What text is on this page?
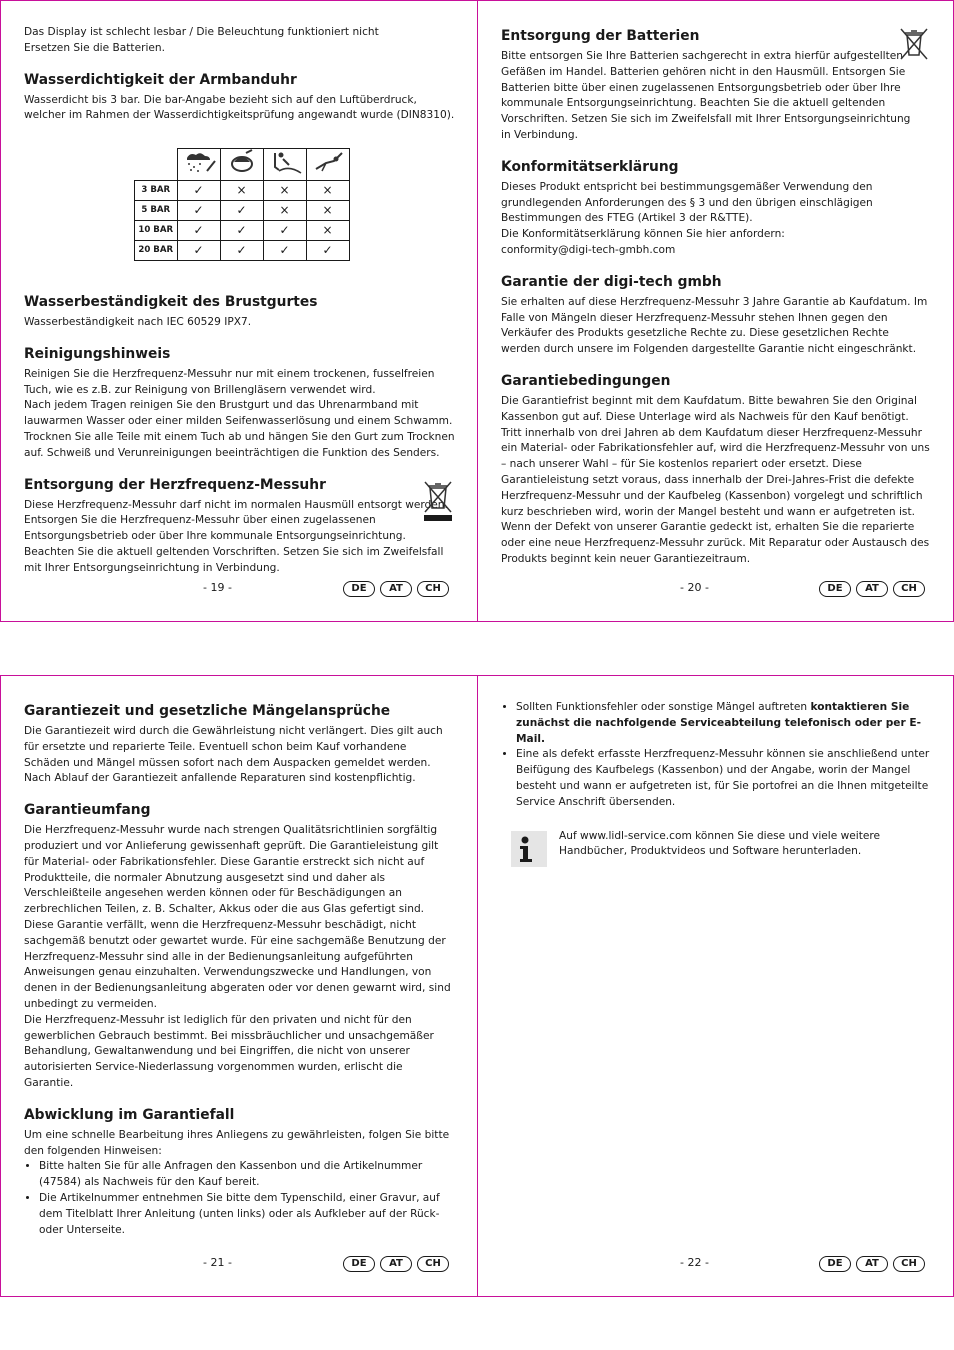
Das Display ist schlecht lesbar / Die Beleuchtung funktioniert nicht

Ersetzen Sie die Batterien.

Wasserdichtigkeit der Armbanduhr

Wasserdicht bis 3 bar. Die bar-Angabe bezieht sich auf den Luftüberdruck, welcher im Rahmen der Wasserdichtigkeitsprüfung angewandt wurde (DIN8310).

3 BAR	✓	×	×	×
5 BAR	✓	✓	×	×
10 BAR	✓	✓	✓	×
20 BAR	✓	✓	✓	✓
Wasserbeständigkeit des Brustgurtes

Wasserbeständigkeit nach IEC 60529 IPX7.

Reinigungshinweis

Reinigen Sie die Herzfrequenz-Messuhr nur mit einem trockenen, fusselfreien Tuch, wie es z.B. zur Reinigung von Brillengläsern verwendet wird.

Nach jedem Tragen reinigen Sie den Brustgurt und das Uhrenarmband mit lauwarmen Wasser oder einer milden Seifenwasserlösung und einem Schwamm. Trocknen Sie alle Teile mit einem Tuch ab und hängen Sie den Gurt zum Trocknen auf. Schweiß und Verunreinigungen beeinträchtigen die Funktion des Senders.

Entsorgung der Herzfrequenz-Messuhr

Diese Herzfrequenz-Messuhr darf nicht im normalen Hausmüll entsorgt werden. Entsorgen Sie die Herzfrequenz-Messuhr über einen zugelassenen Entsorgungsbetrieb oder über Ihre kommunale Entsorgungseinrichtung. Beachten Sie die aktuell geltenden Vorschriften. Setzen Sie sich im Zweifelsfall mit Ihrer Entsorgungseinrichtung in Verbindung.

- 19 -	DE	AT	CH
Entsorgung der Batterien

Bitte entsorgen Sie Ihre Batterien sachgerecht in extra hierfür aufgestellten Gefäßen im Handel. Batterien gehören nicht in den Hausmüll. Entsorgen Sie Batterien bitte über einen zugelassenen Entsorgungsbetrieb oder über Ihre kommunale Entsorgungseinrichtung. Beachten Sie die aktuell geltenden Vorschriften. Setzen Sie sich im Zweifelsfall mit Ihrer Entsorgungseinrichtung in Verbindung.

Konformitätserklärung

Dieses Produkt entspricht bei bestimmungsgemäßer Verwendung den grundlegenden Anforderungen des § 3 und den übrigen einschlägigen Bestimmungen des FTEG (Artikel 3 der R&TTE).

Die Konformitätserklärung können Sie hier anfordern:

conformity@digi-tech-gmbh.com

Garantie der digi-tech gmbh

Sie erhalten auf diese Herzfrequenz-Messuhr 3 Jahre Garantie ab Kaufdatum. Im Falle von Mängeln dieser Herzfrequenz-Messuhr stehen Ihnen gegen den Verkäufer des Produkts gesetzliche Rechte zu. Diese gesetzlichen Rechte werden durch unsere im Folgenden dargestellte Garantie nicht eingeschränkt.

Garantiebedingungen

Die Garantiefrist beginnt mit dem Kaufdatum. Bitte bewahren Sie den Original Kassenbon gut auf. Diese Unterlage wird als Nachweis für den Kauf benötigt. Tritt innerhalb von drei Jahren ab dem Kaufdatum dieser Herzfrequenz-Messuhr ein Material- oder Fabrikationsfehler auf, wird die Herzfrequenz-Messuhr von uns – nach unserer Wahl – für Sie kostenlos repariert oder ersetzt. Diese Garantieleistung setzt voraus, dass innerhalb der Drei-Jahres-Frist die defekte Herzfrequenz-Messuhr und der Kaufbeleg (Kassenbon) vorgelegt und schriftlich kurz beschrieben wird, worin der Mangel besteht und wann er aufgetreten ist. Wenn der Defekt von unserer Garantie gedeckt ist, erhalten Sie die reparierte oder eine neue Herzfrequenz-Messuhr zurück. Mit Reparatur oder Austausch des Produkts beginnt kein neuer Garantiezeitraum.

- 20 -	DE	AT	CH
Garantiezeit und gesetzliche Mängelansprüche

Die Garantiezeit wird durch die Gewährleistung nicht verlängert. Dies gilt auch für ersetzte und reparierte Teile. Eventuell schon beim Kauf vorhandene Schäden und Mängel müssen sofort nach dem Auspacken gemeldet werden. Nach Ablauf der Garantiezeit anfallende Reparaturen sind kostenpflichtig.

Garantieumfang

Die Herzfrequenz-Messuhr wurde nach strengen Qualitätsrichtlinien sorgfältig produziert und vor Anlieferung gewissenhaft geprüft. Die Garantieleistung gilt für Material- oder Fabrikationsfehler. Diese Garantie erstreckt sich nicht auf Produktteile, die normaler Abnutzung ausgesetzt sind und daher als Verschleißteile angesehen werden können oder für Beschädigungen an zerbrechlichen Teilen, z. B. Schalter, Akkus oder die aus Glas gefertigt sind.

Diese Garantie verfällt, wenn die Herzfrequenz-Messuhr beschädigt, nicht sachgemäß benutzt oder gewartet wurde. Für eine sachgemäße Benutzung der Herzfrequenz-Messuhr sind alle in der Bedienungsanleitung aufgeführten Anweisungen genau einzuhalten. Verwendungszwecke und Handlungen, von denen in der Bedienungsanleitung abgeraten oder vor denen gewarnt wird, sind unbedingt zu vermeiden.

Die Herzfrequenz-Messuhr ist lediglich für den privaten und nicht für den gewerblichen Gebrauch bestimmt. Bei missbräuchlicher und unsachgemäßer Behandlung, Gewaltanwendung und bei Eingriffen, die nicht von unserer autorisierten Service-Niederlassung vorgenommen wurden, erlischt die Garantie.

Abwicklung im Garantiefall

Um eine schnelle Bearbeitung ihres Anliegens zu gewährleisten, folgen Sie bitte den folgenden Hinweisen:

• Bitte halten Sie für alle Anfragen den Kassenbon und die Artikelnummer (47584) als Nachweis für den Kauf bereit.
• Die Artikelnummer entnehmen Sie bitte dem Typenschild, einer Gravur, auf dem Titelblatt Ihrer Anleitung (unten links) oder als Aufkleber auf der Rück- oder Unterseite.
- 21 -	DE	AT	CH
• Sollten Funktionsfehler oder sonstige Mängel auftreten kontaktieren Sie zunächst die nachfolgende Serviceabteilung telefonisch oder per E-Mail.
• Eine als defekt erfasste Herzfrequenz-Messuhr können sie anschließend unter Beifügung des Kaufbelegs (Kassenbon) und der Angabe, worin der Mangel besteht und wann er aufgetreten ist, für Sie portofrei an die Ihnen mitgeteilte Service Anschrift übersenden.

Auf www.lidl-service.com können Sie diese und viele weitere Handbücher, Produktvideos und Software herunterladen.

- 22 -	DE	AT	CH
